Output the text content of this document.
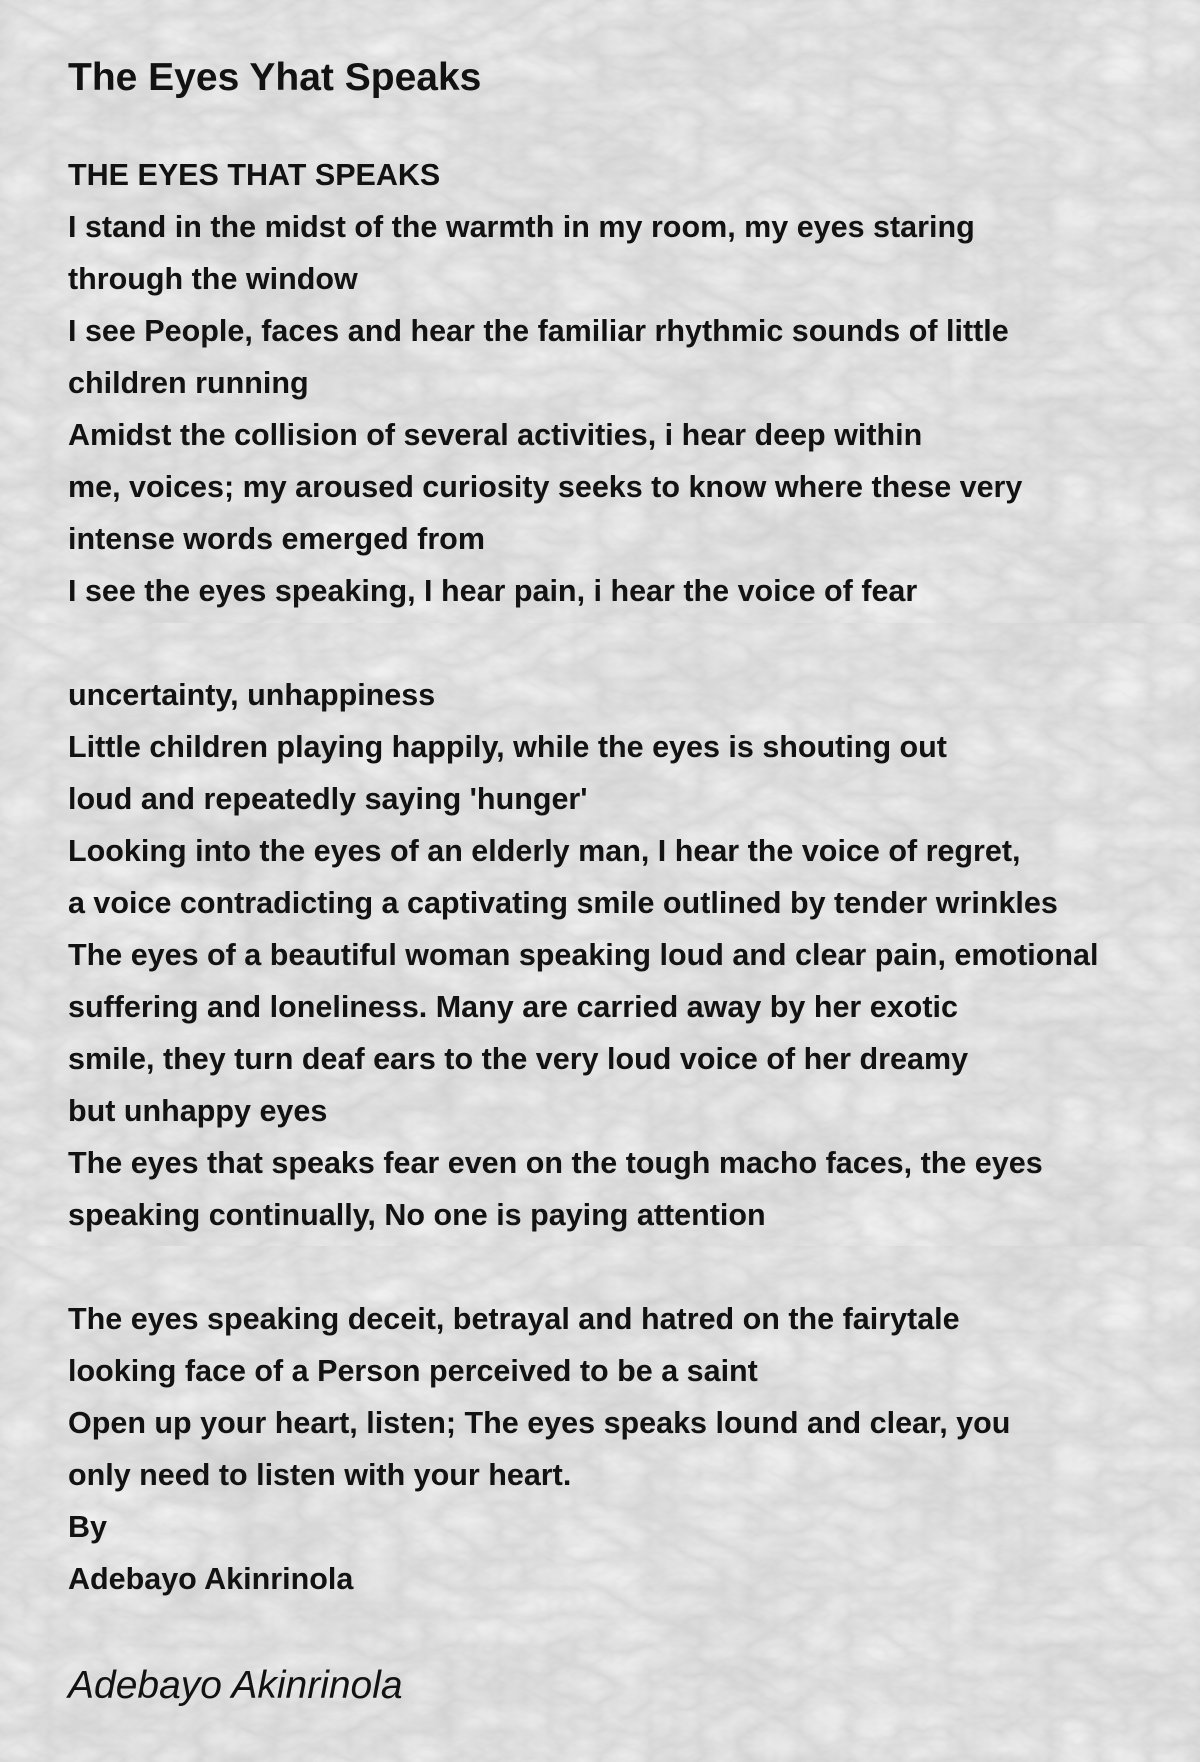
The Eyes Yhat Speaks
THE EYES THAT SPEAKS
I stand in the midst of the warmth in my room, my eyes staring
through the window
I see People, faces and hear the familiar rhythmic sounds of little
children running
Amidst the collision of several activities, i hear deep within
me, voices; my aroused curiosity seeks to know where these very
intense words emerged from
I see the eyes speaking, I hear pain, i hear the voice of fear
uncertainty, unhappiness
Little children playing happily, while the eyes is shouting out
loud and repeatedly saying 'hunger'
Looking into the eyes of an elderly man, I hear the voice of regret,
a voice contradicting a captivating smile outlined by tender wrinkles
The eyes of a beautiful woman speaking loud and clear pain, emotional
suffering and loneliness. Many are carried away by her exotic
smile, they turn deaf ears to the very loud voice of her dreamy
but unhappy eyes
The eyes that speaks fear even on the tough macho faces, the eyes
speaking continually, No one is paying attention
The eyes speaking deceit, betrayal and hatred on the fairytale
looking face of a Person perceived to be a saint
Open up your heart, listen; The eyes speaks lound and clear, you
only need to listen with your heart.
By
Adebayo Akinrinola
Adebayo Akinrinola
